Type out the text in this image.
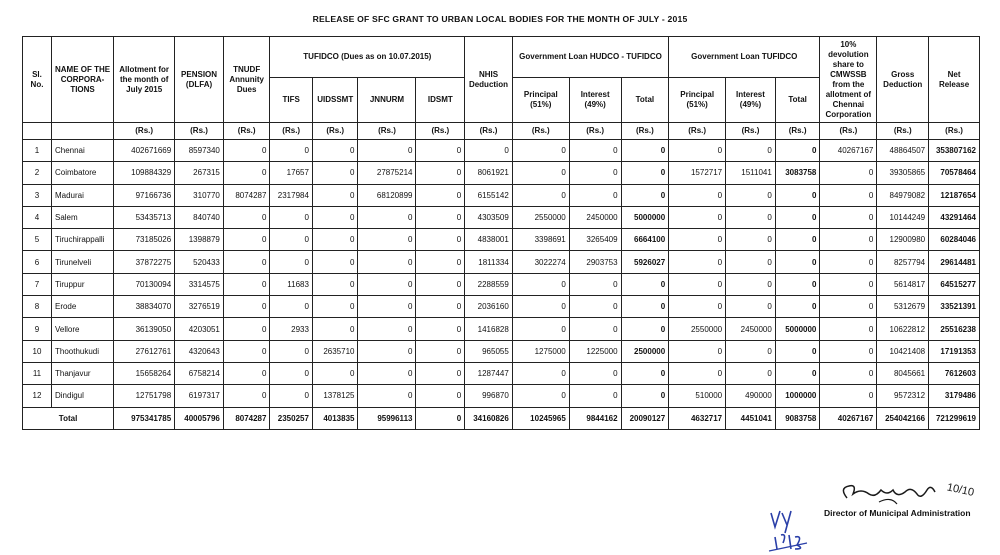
RELEASE OF SFC GRANT TO URBAN LOCAL BODIES FOR THE MONTH OF JULY - 2015
Sl. No.	NAME OF THE CORPORA-TIONS	Allotment for the month of July 2015	PENSION (DLFA)	TNUDF Annunity Dues	TUFIDCO (Dues as on 10.07.2015)				NHIS Deduction	Government Loan HUDCO - TUFIDCO			Government Loan TUFIDCO			10% devolution share to CMWSSB from the allotment of Chennai Corporation	Gross Deduction	Net Release
					TIFS	UIDSSMT	JNNURM	IDSMT		Principal (51%)	Interest (49%)	Total	Principal (51%)	Interest (49%)	Total			
		(Rs.)	(Rs.)	(Rs.)	(Rs.)	(Rs.)	(Rs.)	(Rs.)	(Rs.)	(Rs.)	(Rs.)	(Rs.)	(Rs.)	(Rs.)	(Rs.)	(Rs.)	(Rs.)	(Rs.)
1	Chennai	402671669	8597340	0	0	0	0	0	0	0	0	0	0	0	0	40267167	48864507	353807162
2	Coimbatore	109884329	267315	0	17657	0	27875214	0	8061921	0	0	0	1572717	1511041	3083758	0	39305865	70578464
3	Madurai	97166736	310770	8074287	2317984	0	68120899	0	6155142	0	0	0	0	0	0	0	84979082	12187654
4	Salem	53435713	840740	0	0	0	0	0	4303509	2550000	2450000	5000000	0	0	0	0	10144249	43291464
5	Tiruchirappalli	73185026	1398879	0	0	0	0	0	4838001	3398691	3265409	6664100	0	0	0	0	12900980	60284046
6	Tirunelveli	37872275	520433	0	0	0	0	0	1811334	3022274	2903753	5926027	0	0	0	0	8257794	29614481
7	Tiruppur	70130094	3314575	0	11683	0	0	0	2288559	0	0	0	0	0	0	0	5614817	64515277
8	Erode	38834070	3276519	0	0	0	0	0	2036160	0	0	0	0	0	0	0	5312679	33521391
9	Vellore	36139050	4203051	0	2933	0	0	0	1416828	0	0	0	2550000	2450000	5000000	0	10622812	25516238
10	Thoothukudi	27612761	4320643	0	0	2635710	0	0	965055	1275000	1225000	2500000	0	0	0	0	10421408	17191353
11	Thanjavur	15658264	6758214	0	0	0	0	0	1287447	0	0	0	0	0	0	0	8045661	7612603
12	Dindigul	12751798	6197317	0	0	1378125	0	0	996870	0	0	0	510000	490000	1000000	0	9572312	3179486
Total		975341785	40005796	8074287	2350257	4013835	95996113	0	34160826	10245965	9844162	20090127	4632717	4451041	9083758	40267167	254042166	721299619
10/10
Director of Municipal Administration
